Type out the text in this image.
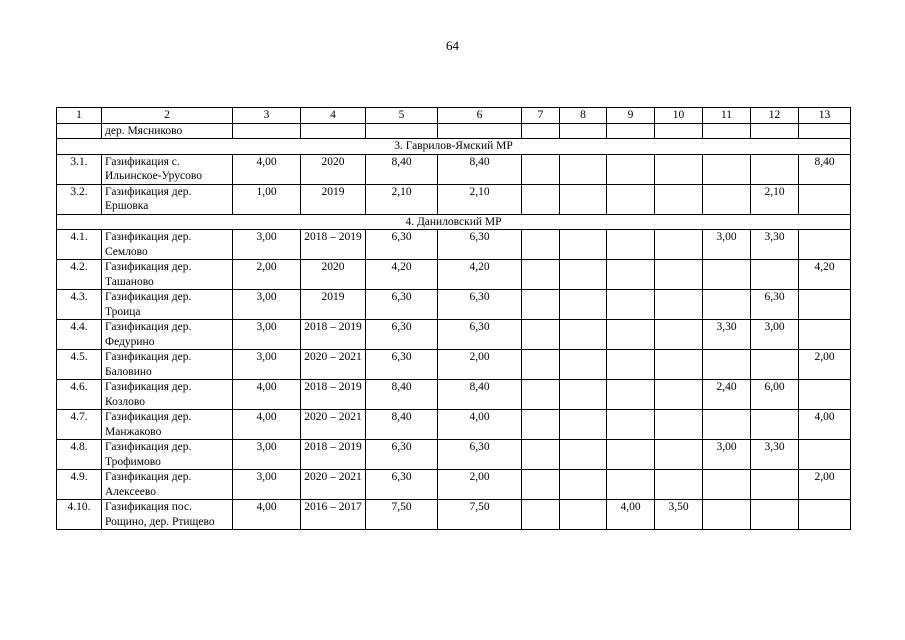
64
1	2	3	4	5	6	7	8	9	10	11	12	13
	дер. Мясниково											
3. Гаврилов-Ямский МР												
3.1.	Газификация с. Ильинское-Урусово	4,00	2020	8,40	8,40							8,40
3.2.	Газификация дер. Ершовка	1,00	2019	2,10	2,10						2,10	
4. Даниловский МР												
4.1.	Газификация дер. Семлово	3,00	2018 – 2019	6,30	6,30					3,00	3,30	
4.2.	Газификация дер. Ташаново	2,00	2020	4,20	4,20							4,20
4.3.	Газификация дер. Троица	3,00	2019	6,30	6,30						6,30	
4.4.	Газификация дер. Федурино	3,00	2018 – 2019	6,30	6,30					3,30	3,00	
4.5.	Газификация дер. Баловино	3,00	2020 – 2021	6,30	2,00							2,00
4.6.	Газификация дер. Козлово	4,00	2018 – 2019	8,40	8,40					2,40	6,00	
4.7.	Газификация дер. Манжаково	4,00	2020 – 2021	8,40	4,00							4,00
4.8.	Газификация дер. Трофимово	3,00	2018 – 2019	6,30	6,30					3,00	3,30	
4.9.	Газификация дер. Алексеево	3,00	2020 – 2021	6,30	2,00							2,00
4.10.	Газификация пос. Рощино, дер. Ртищево	4,00	2016 – 2017	7,50	7,50			4,00	3,50			
